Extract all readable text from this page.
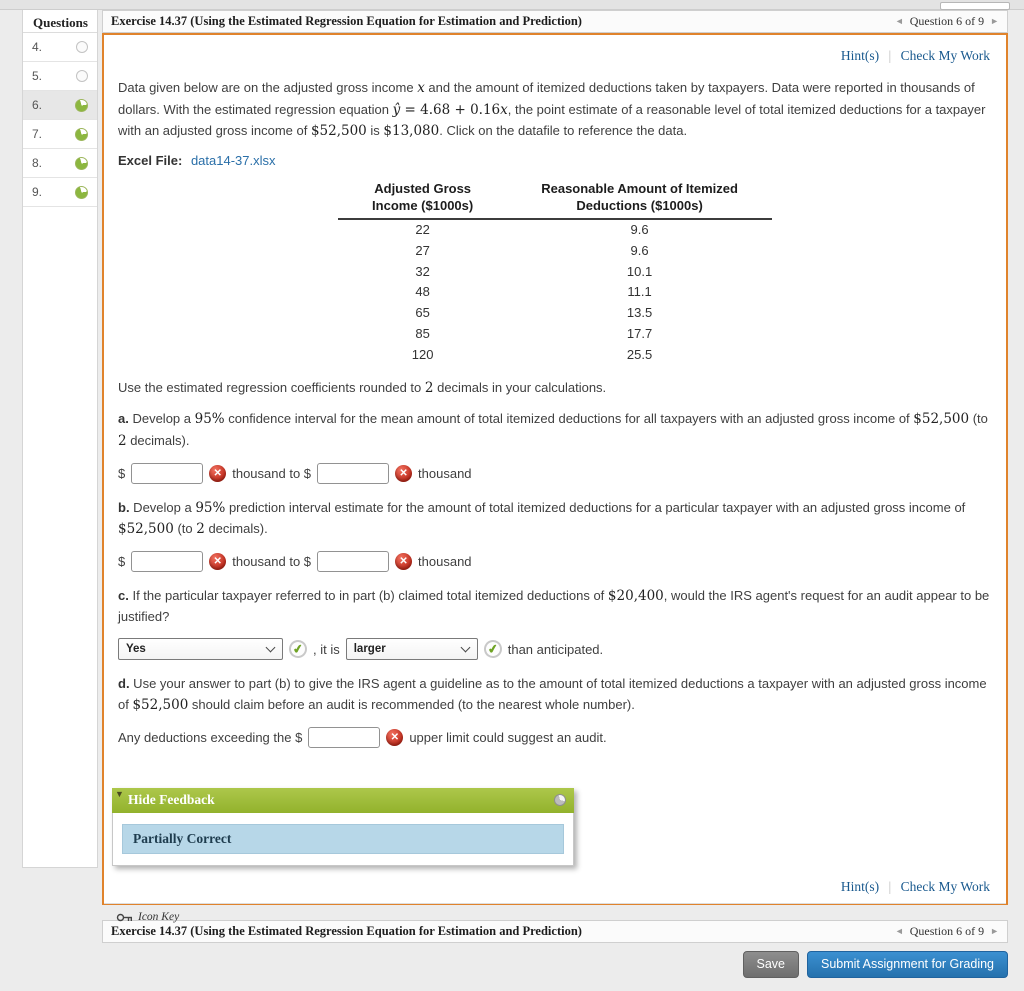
Questions
4.
5.
6.
7.
8.
9.
Exercise 14.37 (Using the Estimated Regression Equation for Estimation and Prediction)	◄ Question 6 of 9 ►
Hint(s) | Check My Work

Data given below are on the adjusted gross income x and the amount of itemized deductions taken by taxpayers. Data were reported in thousands of dollars. With the estimated regression equation ŷ = 4.68 + 0.16x, the point estimate of a reasonable level of total itemized deductions for a taxpayer with an adjusted gross income of $52,500 is $13,080. Click on the datafile to reference the data.

Excel File: data14-37.xlsx

Adjusted Gross
Income ($1000s)	Reasonable Amount of Itemized
Deductions ($1000s)

22	9.6
27	9.6
32	10.1
48	11.1
65	13.5
85	17.7
120	25.5

Use the estimated regression coefficients rounded to 2 decimals in your calculations.

a. Develop a 95% confidence interval for the mean amount of total itemized deductions for all taxpayers with an adjusted gross income of $52,500 (to 2 decimals).

$	✕ thousand to $	✕ thousand

b. Develop a 95% prediction interval estimate for the amount of total itemized deductions for a particular taxpayer with an adjusted gross income of $52,500 (to 2 decimals).

$	✕ thousand to $	✕ thousand

c. If the particular taxpayer referred to in part (b) claimed total itemized deductions of $20,400, would the IRS agent's request for an audit appear to be justified?

Yes	✔ , it is larger	✔ than anticipated.

d. Use your answer to part (b) to give the IRS agent a guideline as to the amount of total itemized deductions a taxpayer with an adjusted gross income of $52,500 should claim before an audit is recommended (to the nearest whole number).

Any deductions exceeding the $	✕ upper limit could suggest an audit.
▼ Hide Feedback
Partially Correct
Hint(s) | Check My Work
Icon Key
Exercise 14.37 (Using the Estimated Regression Equation for Estimation and Prediction)	◄ Question 6 of 9 ►
Save	Submit Assignment for Grading
